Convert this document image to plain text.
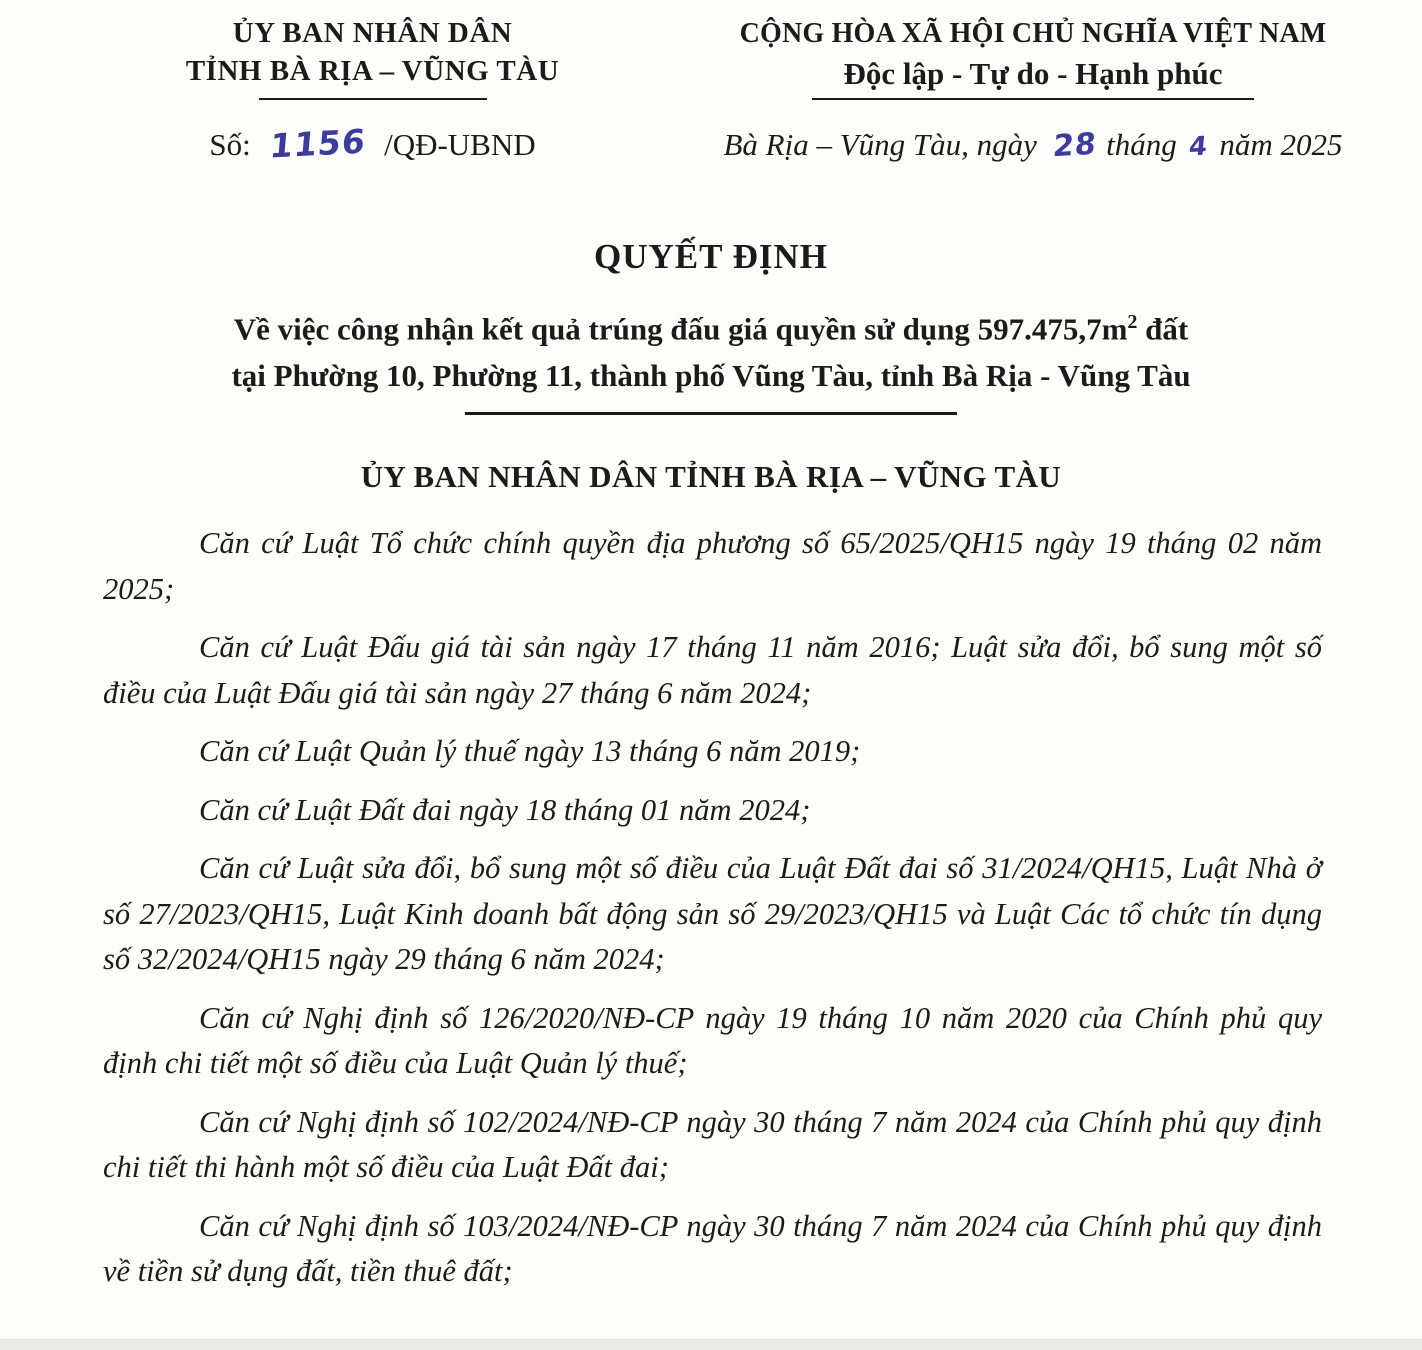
ỦY BAN NHÂN DÂN
TỈNH BÀ RỊA – VŨNG TÀU
CỘNG HÒA XÃ HỘI CHỦ NGHĨA VIỆT NAM
Độc lập - Tự do - Hạnh phúc
Số: 1156 /QĐ-UBND	Bà Rịa – Vũng Tàu, ngày 28 tháng 4 năm 2025
QUYẾT ĐỊNH
Về việc công nhận kết quả trúng đấu giá quyền sử dụng $597.475,7m^2$ đất
tại Phường 10, Phường 11, thành phố Vũng Tàu, tỉnh Bà Rịa - Vũng Tàu
ỦY BAN NHÂN DÂN TỈNH BÀ RỊA – VŨNG TÀU

Căn cứ Luật Tổ chức chính quyền địa phương số 65/2025/QH15 ngày 19 tháng 02 năm 2025;

Căn cứ Luật Đấu giá tài sản ngày 17 tháng 11 năm 2016; Luật sửa đổi, bổ sung một số điều của Luật Đấu giá tài sản ngày 27 tháng 6 năm 2024;

Căn cứ Luật Quản lý thuế ngày 13 tháng 6 năm 2019;

Căn cứ Luật Đất đai ngày 18 tháng 01 năm 2024;

Căn cứ Luật sửa đổi, bổ sung một số điều của Luật Đất đai số 31/2024/QH15, Luật Nhà ở số 27/2023/QH15, Luật Kinh doanh bất động sản số 29/2023/QH15 và Luật Các tổ chức tín dụng số 32/2024/QH15 ngày 29 tháng 6 năm 2024;

Căn cứ Nghị định số 126/2020/NĐ-CP ngày 19 tháng 10 năm 2020 của Chính phủ quy định chi tiết một số điều của Luật Quản lý thuế;

Căn cứ Nghị định số 102/2024/NĐ-CP ngày 30 tháng 7 năm 2024 của Chính phủ quy định chi tiết thi hành một số điều của Luật Đất đai;

Căn cứ Nghị định số 103/2024/NĐ-CP ngày 30 tháng 7 năm 2024 của Chính phủ quy định về tiền sử dụng đất, tiền thuê đất;
